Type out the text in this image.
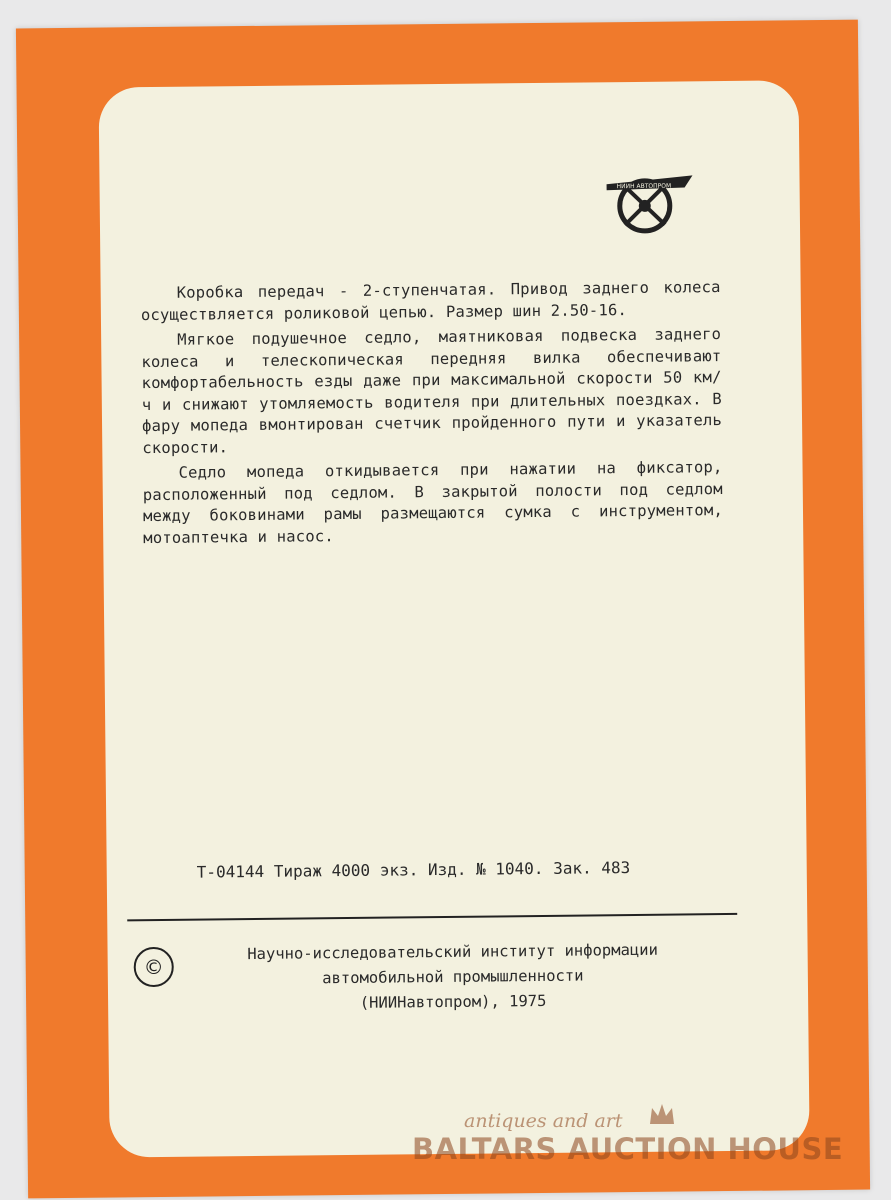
НИИН АВТОПРОМ

Коробка передач - 2-ступенчатая. Привод заднего колеса осуществляется роликовой цепью. Размер шин 2.50-16.

Мягкое подушечное седло, маятниковая подвеска заднего колеса и телескопическая передняя вилка обеспечивают комфортабельность езды даже при максимальной скорости 50 км/ч и снижают утомляемость водителя при длительных поездках. В фару мопеда вмонтирован счетчик пройденного пути и указатель скорости.

Седло мопеда откидывается при нажатии на фиксатор, расположенный под седлом. В закрытой полости под седлом между боковинами рамы размещаются сумка с инструментом, мотоаптечка и насос.

Т-04144 Тираж 4000 экз. Изд. № 1040. Зак. 483
©
Научно-исследовательский институт информации
автомобильной промышленности
(НИИНавтопром), 1975
antiques and art
BALTARS AUCTION HOUSE
